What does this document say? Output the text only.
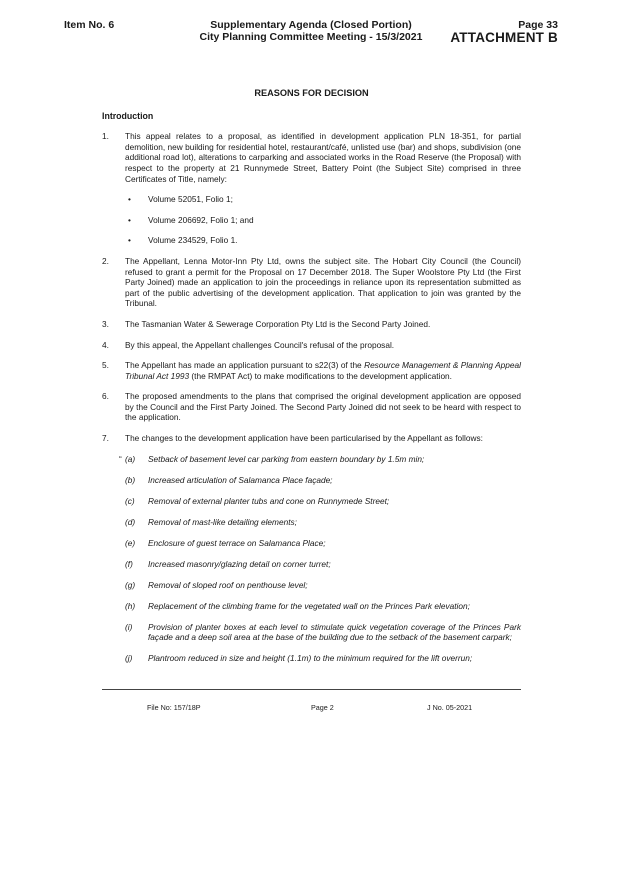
Item No. 6	Supplementary Agenda (Closed Portion)
City Planning Committee Meeting - 15/3/2021
Page 33
ATTACHMENT B
REASONS FOR DECISION
Introduction
1. This appeal relates to a proposal, as identified in development application PLN 18-351, for partial demolition, new building for residential hotel, restaurant/café, unlisted use (bar) and shops, subdivision (one additional road lot), alterations to carparking and associated works in the Road Reserve (the Proposal) with respect to the property at 21 Runnymede Street, Battery Point (the Subject Site) comprised in three Certificates of Title, namely:
• Volume 52051, Folio 1;
• Volume 206692, Folio 1; and
• Volume 234529, Folio 1.
2. The Appellant, Lenna Motor-Inn Pty Ltd, owns the subject site. The Hobart City Council (the Council) refused to grant a permit for the Proposal on 17 December 2018. The Super Woolstore Pty Ltd (the First Party Joined) made an application to join the proceedings in reliance upon its representation submitted as part of the public advertising of the development application. That application to join was granted by the Tribunal.
3. The Tasmanian Water & Sewerage Corporation Pty Ltd is the Second Party Joined.
4. By this appeal, the Appellant challenges Council's refusal of the proposal.
5. The Appellant has made an application pursuant to s22(3) of the Resource Management & Planning Appeal Tribunal Act 1993 (the RMPAT Act) to make modifications to the development application.
6. The proposed amendments to the plans that comprised the original development application are opposed by the Council and the First Party Joined. The Second Party Joined did not seek to be heard with respect to the application.
7. The changes to the development application have been particularised by the Appellant as follows:
“ (a) Setback of basement level car parking from eastern boundary by 1.5m min;
(b) Increased articulation of Salamanca Place façade;
(c) Removal of external planter tubs and cone on Runnymede Street;
(d) Removal of mast-like detailing elements;
(e) Enclosure of guest terrace on Salamanca Place;
(f) Increased masonry/glazing detail on corner turret;
(g) Removal of sloped roof on penthouse level;
(h) Replacement of the climbing frame for the vegetated wall on the Princes Park elevation;
(i) Provision of planter boxes at each level to stimulate quick vegetation coverage of the Princes Park façade and a deep soil area at the base of the building due to the setback of the basement carpark;
(j) Plantroom reduced in size and height (1.1m) to the minimum required for the lift overrun;
File No: 157/18P	Page 2	J No. 05-2021
